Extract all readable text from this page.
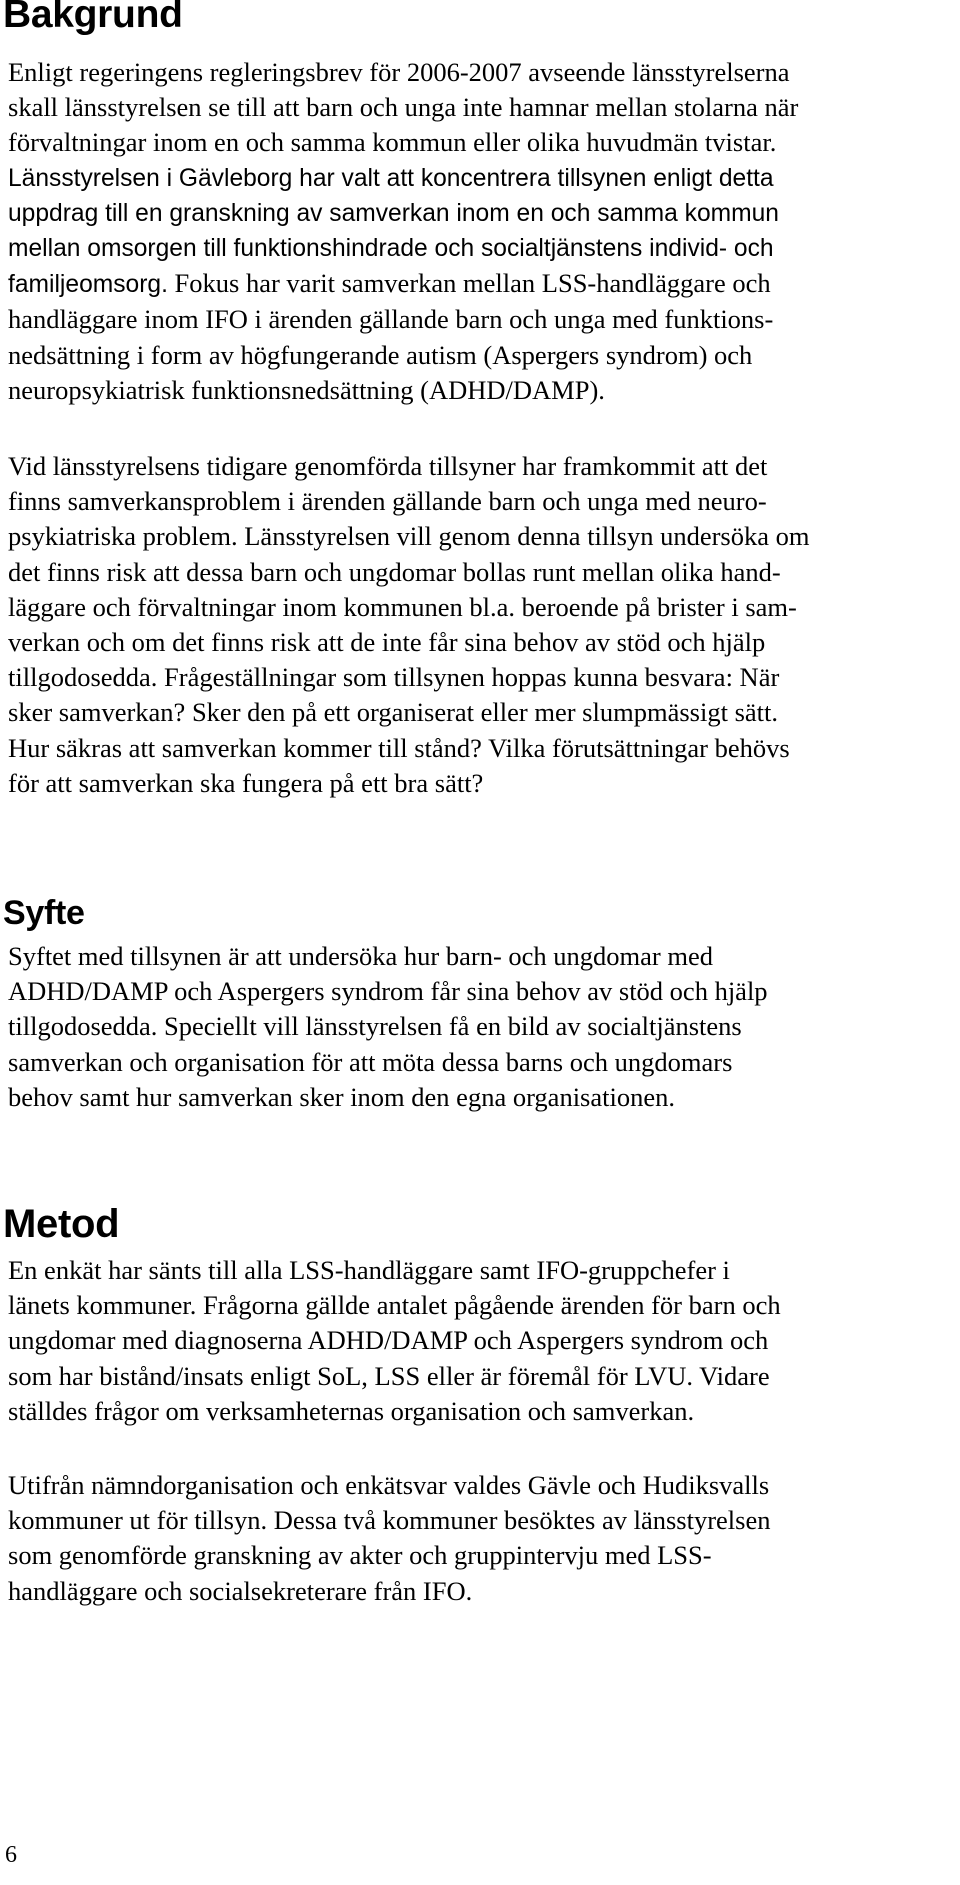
Bakgrund
Enligt regeringens regleringsbrev för 2006-2007 avseende länsstyrelserna
skall länsstyrelsen se till att barn och unga inte hamnar mellan stolarna när
förvaltningar inom en och samma kommun eller olika huvudmän tvistar.
Länsstyrelsen i Gävleborg har valt att koncentrera tillsynen enligt detta
uppdrag till en granskning av samverkan inom en och samma kommun
mellan omsorgen till funktionshindrade och socialtjänstens individ- och
familjeomsorg. Fokus har varit samverkan mellan LSS-handläggare och
handläggare inom IFO i ärenden gällande barn och unga med funktions-
nedsättning i form av högfungerande autism (Aspergers syndrom) och
neuropsykiatrisk funktionsnedsättning (ADHD/DAMP).
Vid länsstyrelsens tidigare genomförda tillsyner har framkommit att det
finns samverkansproblem i ärenden gällande barn och unga med neuro-
psykiatriska problem. Länsstyrelsen vill genom denna tillsyn undersöka om
det finns risk att dessa barn och ungdomar bollas runt mellan olika hand-
läggare och förvaltningar inom kommunen bl.a. beroende på brister i sam-
verkan och om det finns risk att de inte får sina behov av stöd och hjälp
tillgodosedda. Frågeställningar som tillsynen hoppas kunna besvara: När
sker samverkan? Sker den på ett organiserat eller mer slumpmässigt sätt.
Hur säkras att samverkan kommer till stånd? Vilka förutsättningar behövs
för att samverkan ska fungera på ett bra sätt?
Syfte
Syftet med tillsynen är att undersöka hur barn- och ungdomar med
ADHD/DAMP och Aspergers syndrom får sina behov av stöd och hjälp
tillgodosedda. Speciellt vill länsstyrelsen få en bild av socialtjänstens
samverkan och organisation för att möta dessa barns och ungdomars
behov samt hur samverkan sker inom den egna organisationen.
Metod
En enkät har sänts till alla LSS-handläggare samt IFO-gruppchefer i
länets kommuner. Frågorna gällde antalet pågående ärenden för barn och
ungdomar med diagnoserna ADHD/DAMP och Aspergers syndrom och
som har bistånd/insats enligt SoL, LSS eller är föremål för LVU. Vidare
ställdes frågor om verksamheternas organisation och samverkan.
Utifrån nämndorganisation och enkätsvar valdes Gävle och Hudiksvalls
kommuner ut för tillsyn. Dessa två kommuner besöktes av länsstyrelsen
som genomförde granskning av akter och gruppintervju med LSS-
handläggare och socialsekreterare från IFO.
6
